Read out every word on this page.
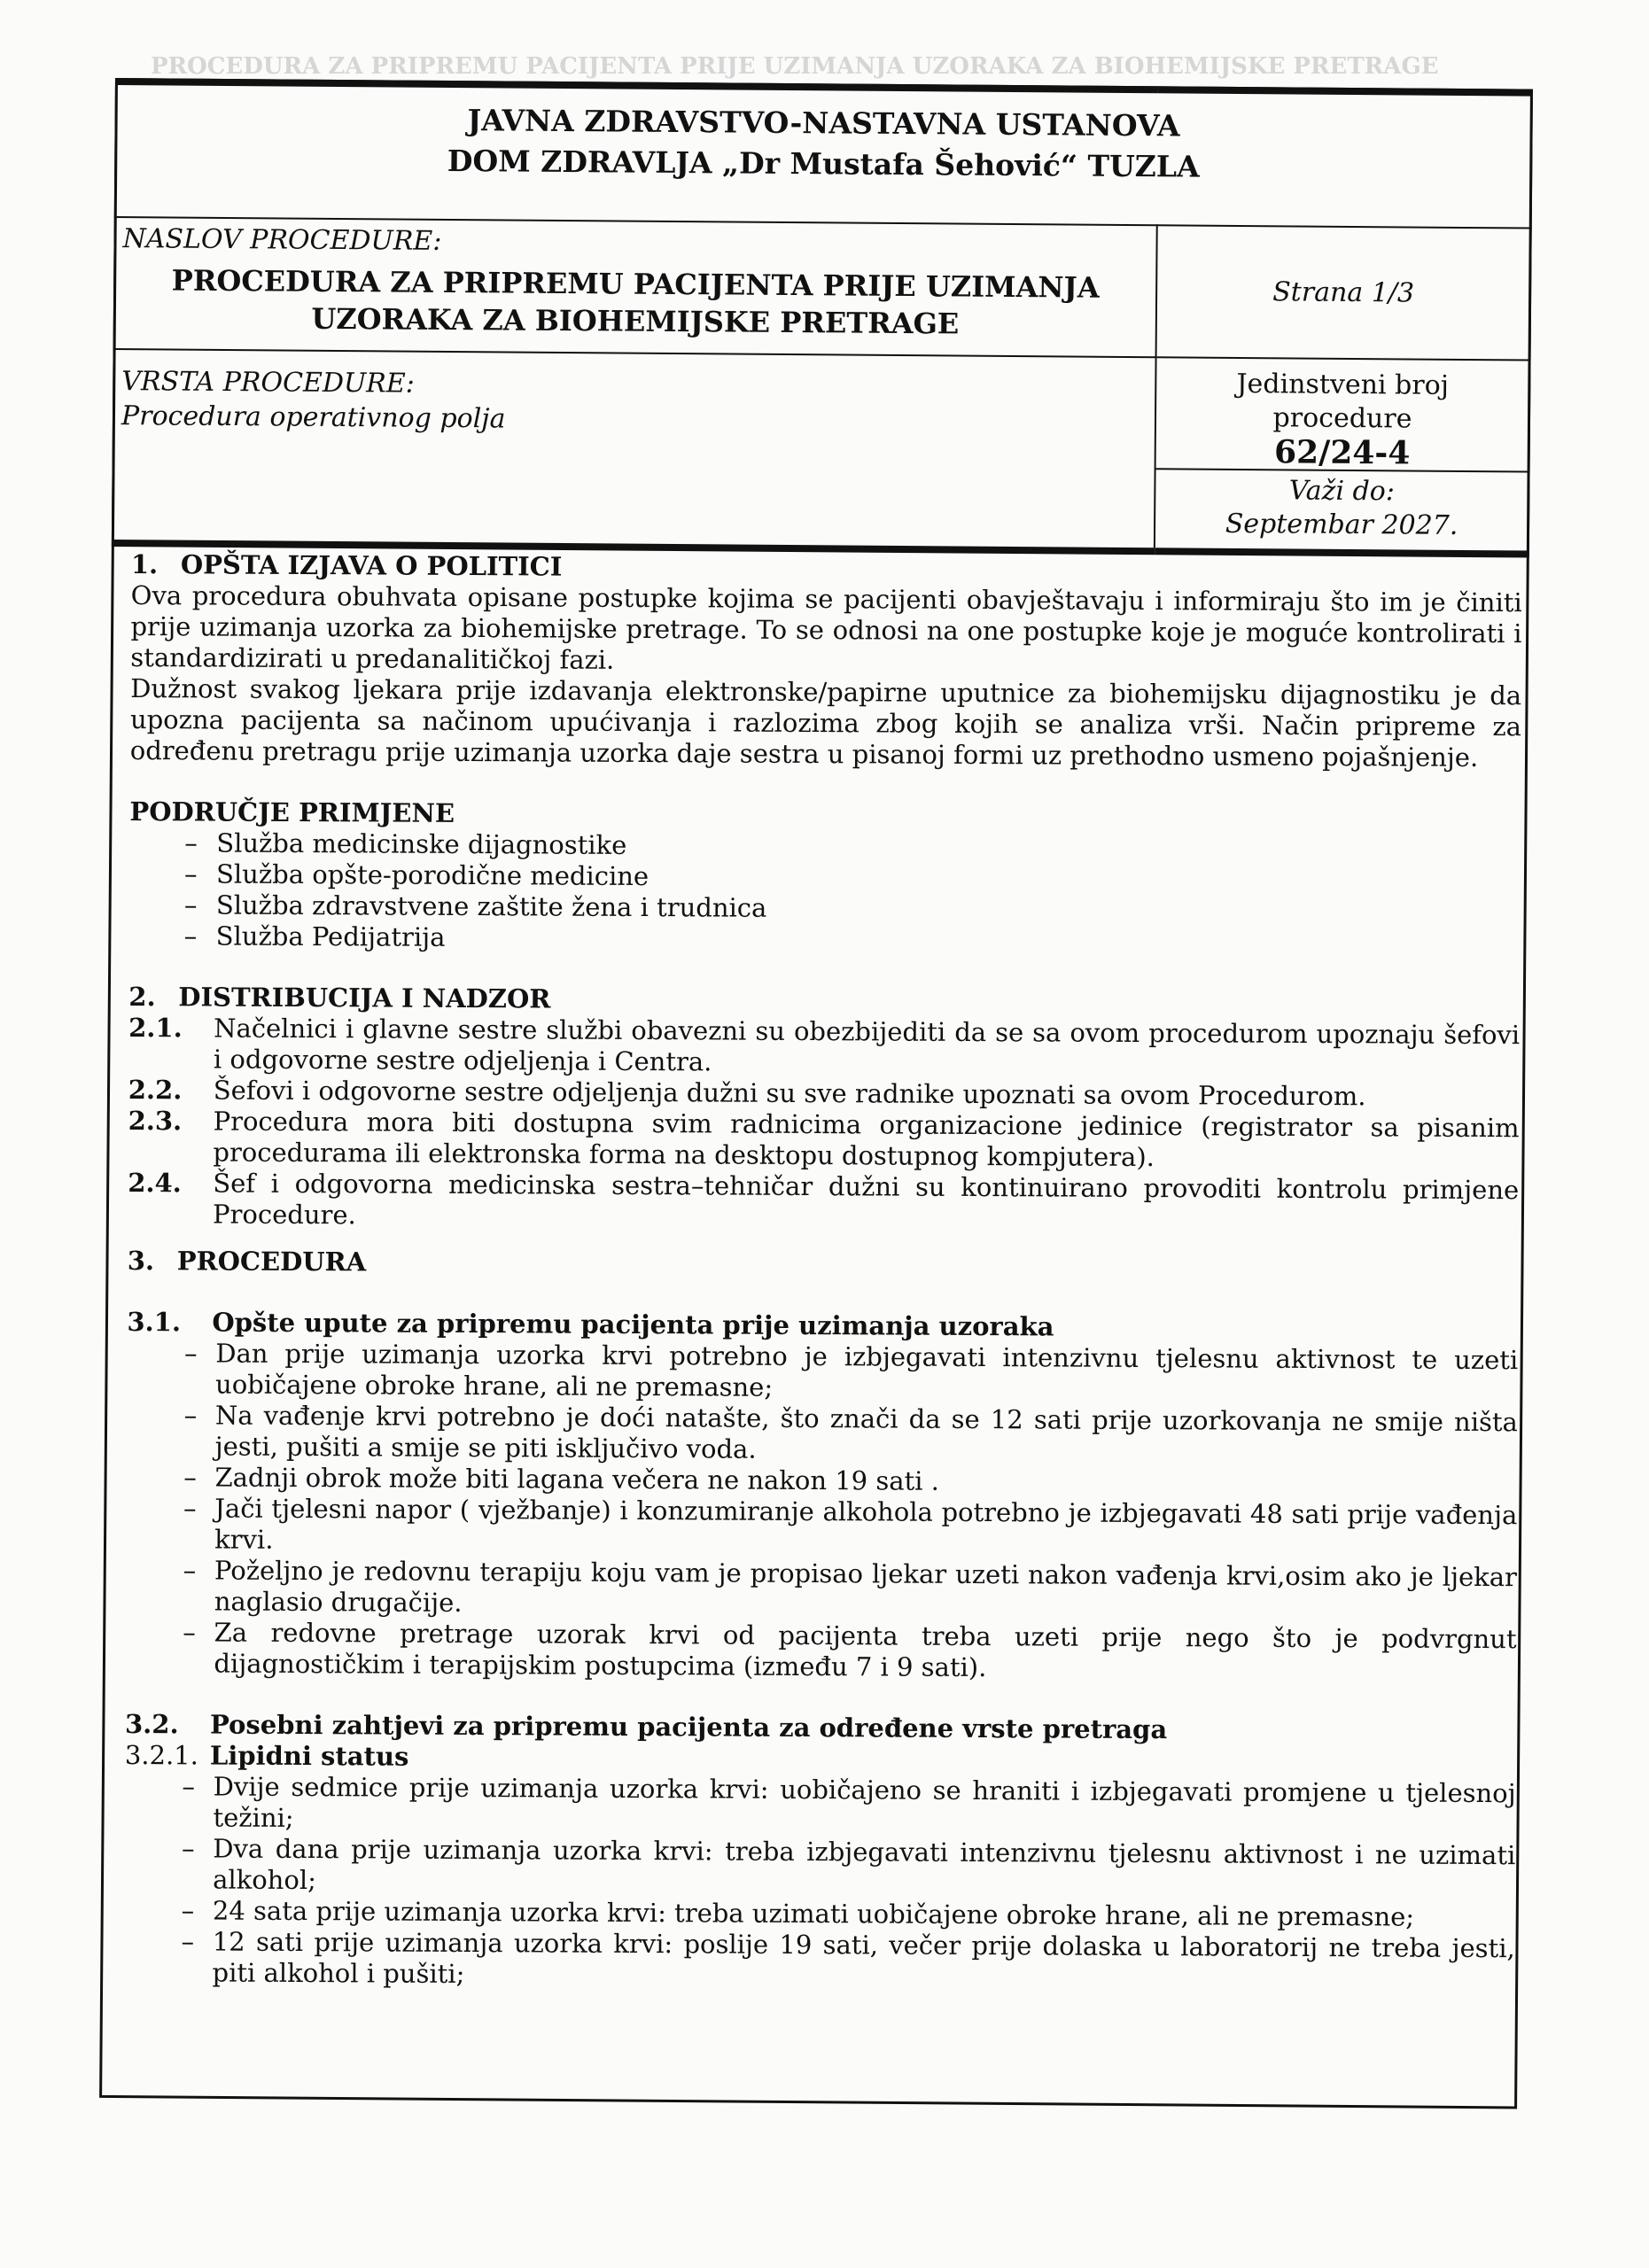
PROCEDURA ZA PRIPREMU PACIJENTA PRIJE UZIMANJA UZORAKA ZA BIOHEMIJSKE PRETRAGE
JAVNA ZDRAVSTVO-NASTAVNA USTANOVA
DOM ZDRAVLJA „Dr Mustafa Šehović“ TUZLA	

NASLOV PROCEDURE:
PROCEDURA ZA PRIPREMU PACIJENTA PRIJE UZIMANJA
UZORAKA ZA BIOHEMIJSKE PRETRAGE	Strana 1/3

VRSTA PROCEDURE:
Procedura operativnog polja

Jedinstveni broj
procedure
62/24-4
Važi do:
Septembar 2027.
1. OPŠTA IZJAVA O POLITICI

Ova procedura obuhvata opisane postupke kojima se pacijenti obavještavaju i informiraju što im je činiti prije uzimanja uzorka za biohemijske pretrage. To se odnosi na one postupke koje je moguće kontrolirati i standardizirati u predanalitičkoj fazi.

Dužnost svakog ljekara prije izdavanja elektronske/papirne uputnice za biohemijsku dijagnostiku je da upozna pacijenta sa načinom upućivanja i razlozima zbog kojih se analiza vrši. Način pripreme za određenu pretragu prije uzimanja uzorka daje sestra u pisanoj formi uz prethodno usmeno pojašnjenje.

PODRUČJE PRIMJENE
– Služba medicinske dijagnostike
– Služba opšte-porodične medicine
– Služba zdravstvene zaštite žena i trudnica
– Služba Pedijatrija
2. DISTRIBUCIJA I NADZOR
2.1.	Načelnici i glavne sestre službi obavezni su obezbijediti da se sa ovom procedurom upoznaju šefovi i odgovorne sestre odjeljenja i Centra.
2.2.	Šefovi i odgovorne sestre odjeljenja dužni su sve radnike upoznati sa ovom Procedurom.
2.3.	Procedura mora biti dostupna svim radnicima organizacione jedinice (registrator sa pisanim procedurama ili elektronska forma na desktopu dostupnog kompjutera).
2.4.	Šef i odgovorna medicinska sestra–tehničar dužni su kontinuirano provoditi kontrolu primjene Procedure.
3. PROCEDURA
3.1.	Opšte upute za pripremu pacijenta prije uzimanja uzoraka
– Dan prije uzimanja uzorka krvi potrebno je izbjegavati intenzivnu tjelesnu aktivnost te uzeti uobičajene obroke hrane, ali ne premasne;
– Na vađenje krvi potrebno je doći natašte, što znači da se 12 sati prije uzorkovanja ne smije ništa jesti, pušiti a smije se piti isključivo voda.
– Zadnji obrok može biti lagana večera ne nakon 19 sati .
– Jači tjelesni napor ( vježbanje) i konzumiranje alkohola potrebno je izbjegavati 48 sati prije vađenja krvi.
– Poželjno je redovnu terapiju koju vam je propisao ljekar uzeti nakon vađenja krvi,osim ako je ljekar naglasio drugačije.
– Za redovne pretrage uzorak krvi od pacijenta treba uzeti prije nego što je podvrgnut dijagnostičkim i terapijskim postupcima (između 7 i 9 sati).
3.2.	Posebni zahtjevi za pripremu pacijenta za određene vrste pretraga
3.2.1. Lipidni status
– Dvije sedmice prije uzimanja uzorka krvi: uobičajeno se hraniti i izbjegavati promjene u tjelesnoj težini;
– Dva dana prije uzimanja uzorka krvi: treba izbjegavati intenzivnu tjelesnu aktivnost i ne uzimati alkohol;
– 24 sata prije uzimanja uzorka krvi: treba uzimati uobičajene obroke hrane, ali ne premasne;
– 12 sati prije uzimanja uzorka krvi: poslije 19 sati, večer prije dolaska u laboratorij ne treba jesti, piti alkohol i pušiti;
